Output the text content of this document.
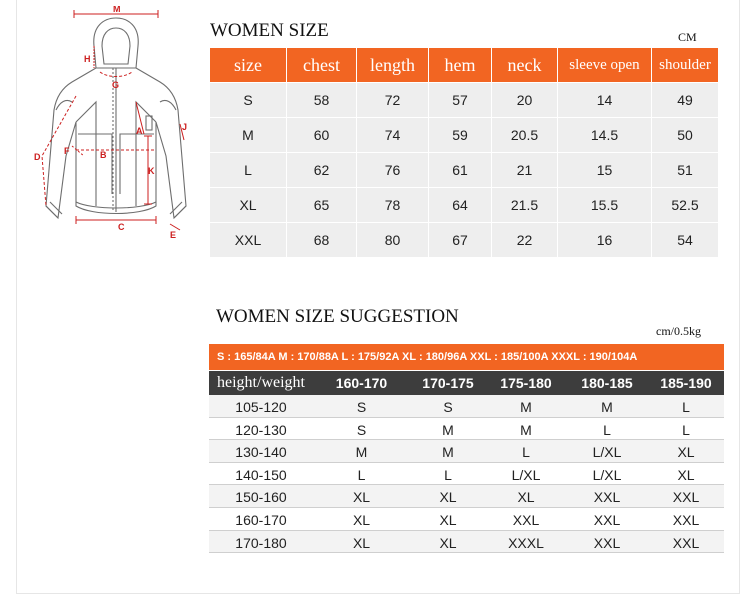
M
H
G
A	J
D
F	B
K
C
E
WOMEN SIZE	CM
size	chest	length	hem	neck	sleeve open	shoulder
S	58	72	57	20	14	49
M	60	74	59	20.5	14.5	50
L	62	76	61	21	15	51
XL	65	78	64	21.5	15.5	52.5
XXL	68	80	67	22	16	54
WOMEN SIZE SUGGESTION
cm/0.5kg
S : 165/84A M : 170/88A L : 175/92A XL : 180/96A XXL : 185/100A XXXL : 190/104A
height/weight	160-170	170-175	175-180	180-185	185-190
105-120	S	S	M	M	L
120-130	S	M	M	L	L
130-140	M	M	L	L/XL	XL
140-150	L	L	L/XL	L/XL	XL
150-160	XL	XL	XL	XXL	XXL
160-170	XL	XL	XXL	XXL	XXL
170-180	XL	XL	XXXL	XXL	XXL
